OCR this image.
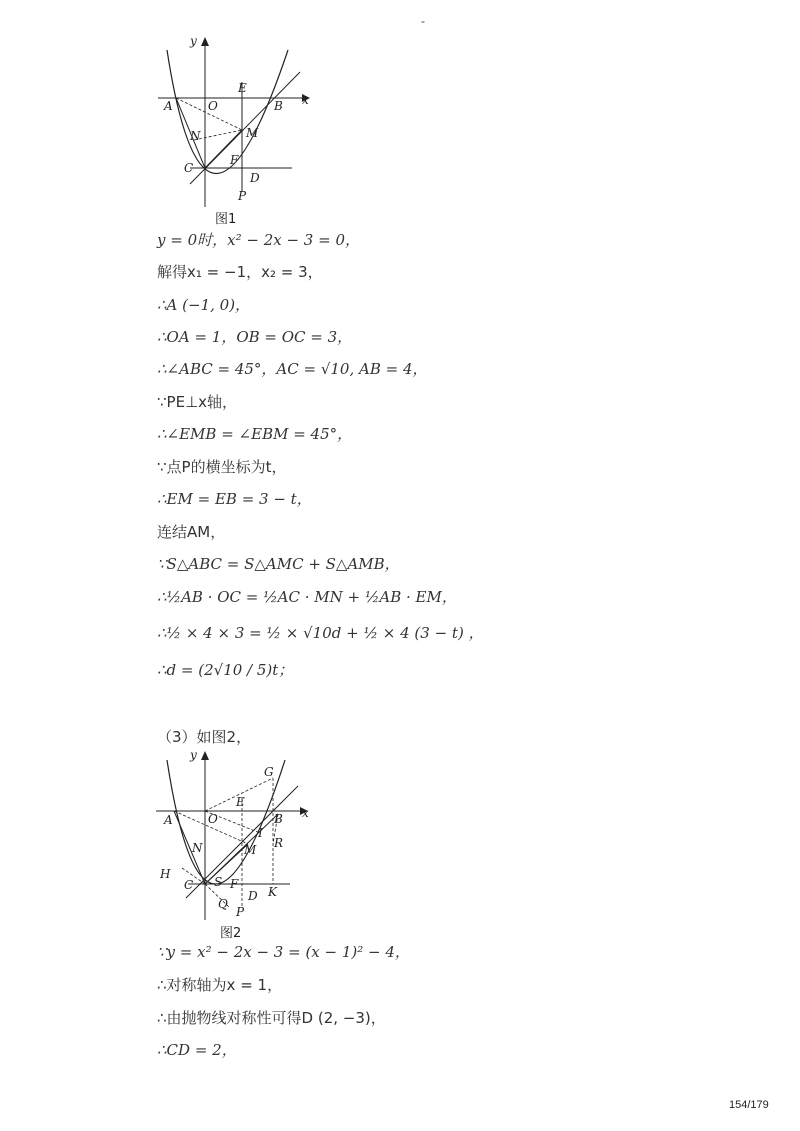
-
y
x
A	O
E
B
N	M
F
C
D
P
图1
y = 0时，x² − 2x − 3 = 0，
解得x₁ = −1，x₂ = 3，
∴A (−1, 0)，
∴OA = 1，OB = OC = 3，
∴∠ABC = 45°，AC = √10, AB = 4，
∵PE⊥x轴，
∴∠EMB = ∠EBM = 45°，
∵点P的横坐标为t，
∴EM = EB = 3 − t，
连结AM，
∵S△ABC = S△AMC + S△AMB，
∴½AB · OC = ½AC · MN + ½AB · EM，
∴½ × 4 × 3 = ½ × √10d + ½ × 4 (3 − t) ，
∴d = (2√10 / 5)t；
（3）如图2，
y
x
G
E
A	O	B
I
R
N	M
H
C S F
D K
Q
P
图2
∵y = x² − 2x − 3 = (x − 1)² − 4，
∴对称轴为x = 1，
∴由抛物线对称性可得D (2, −3)，
∴CD = 2，
154/179
